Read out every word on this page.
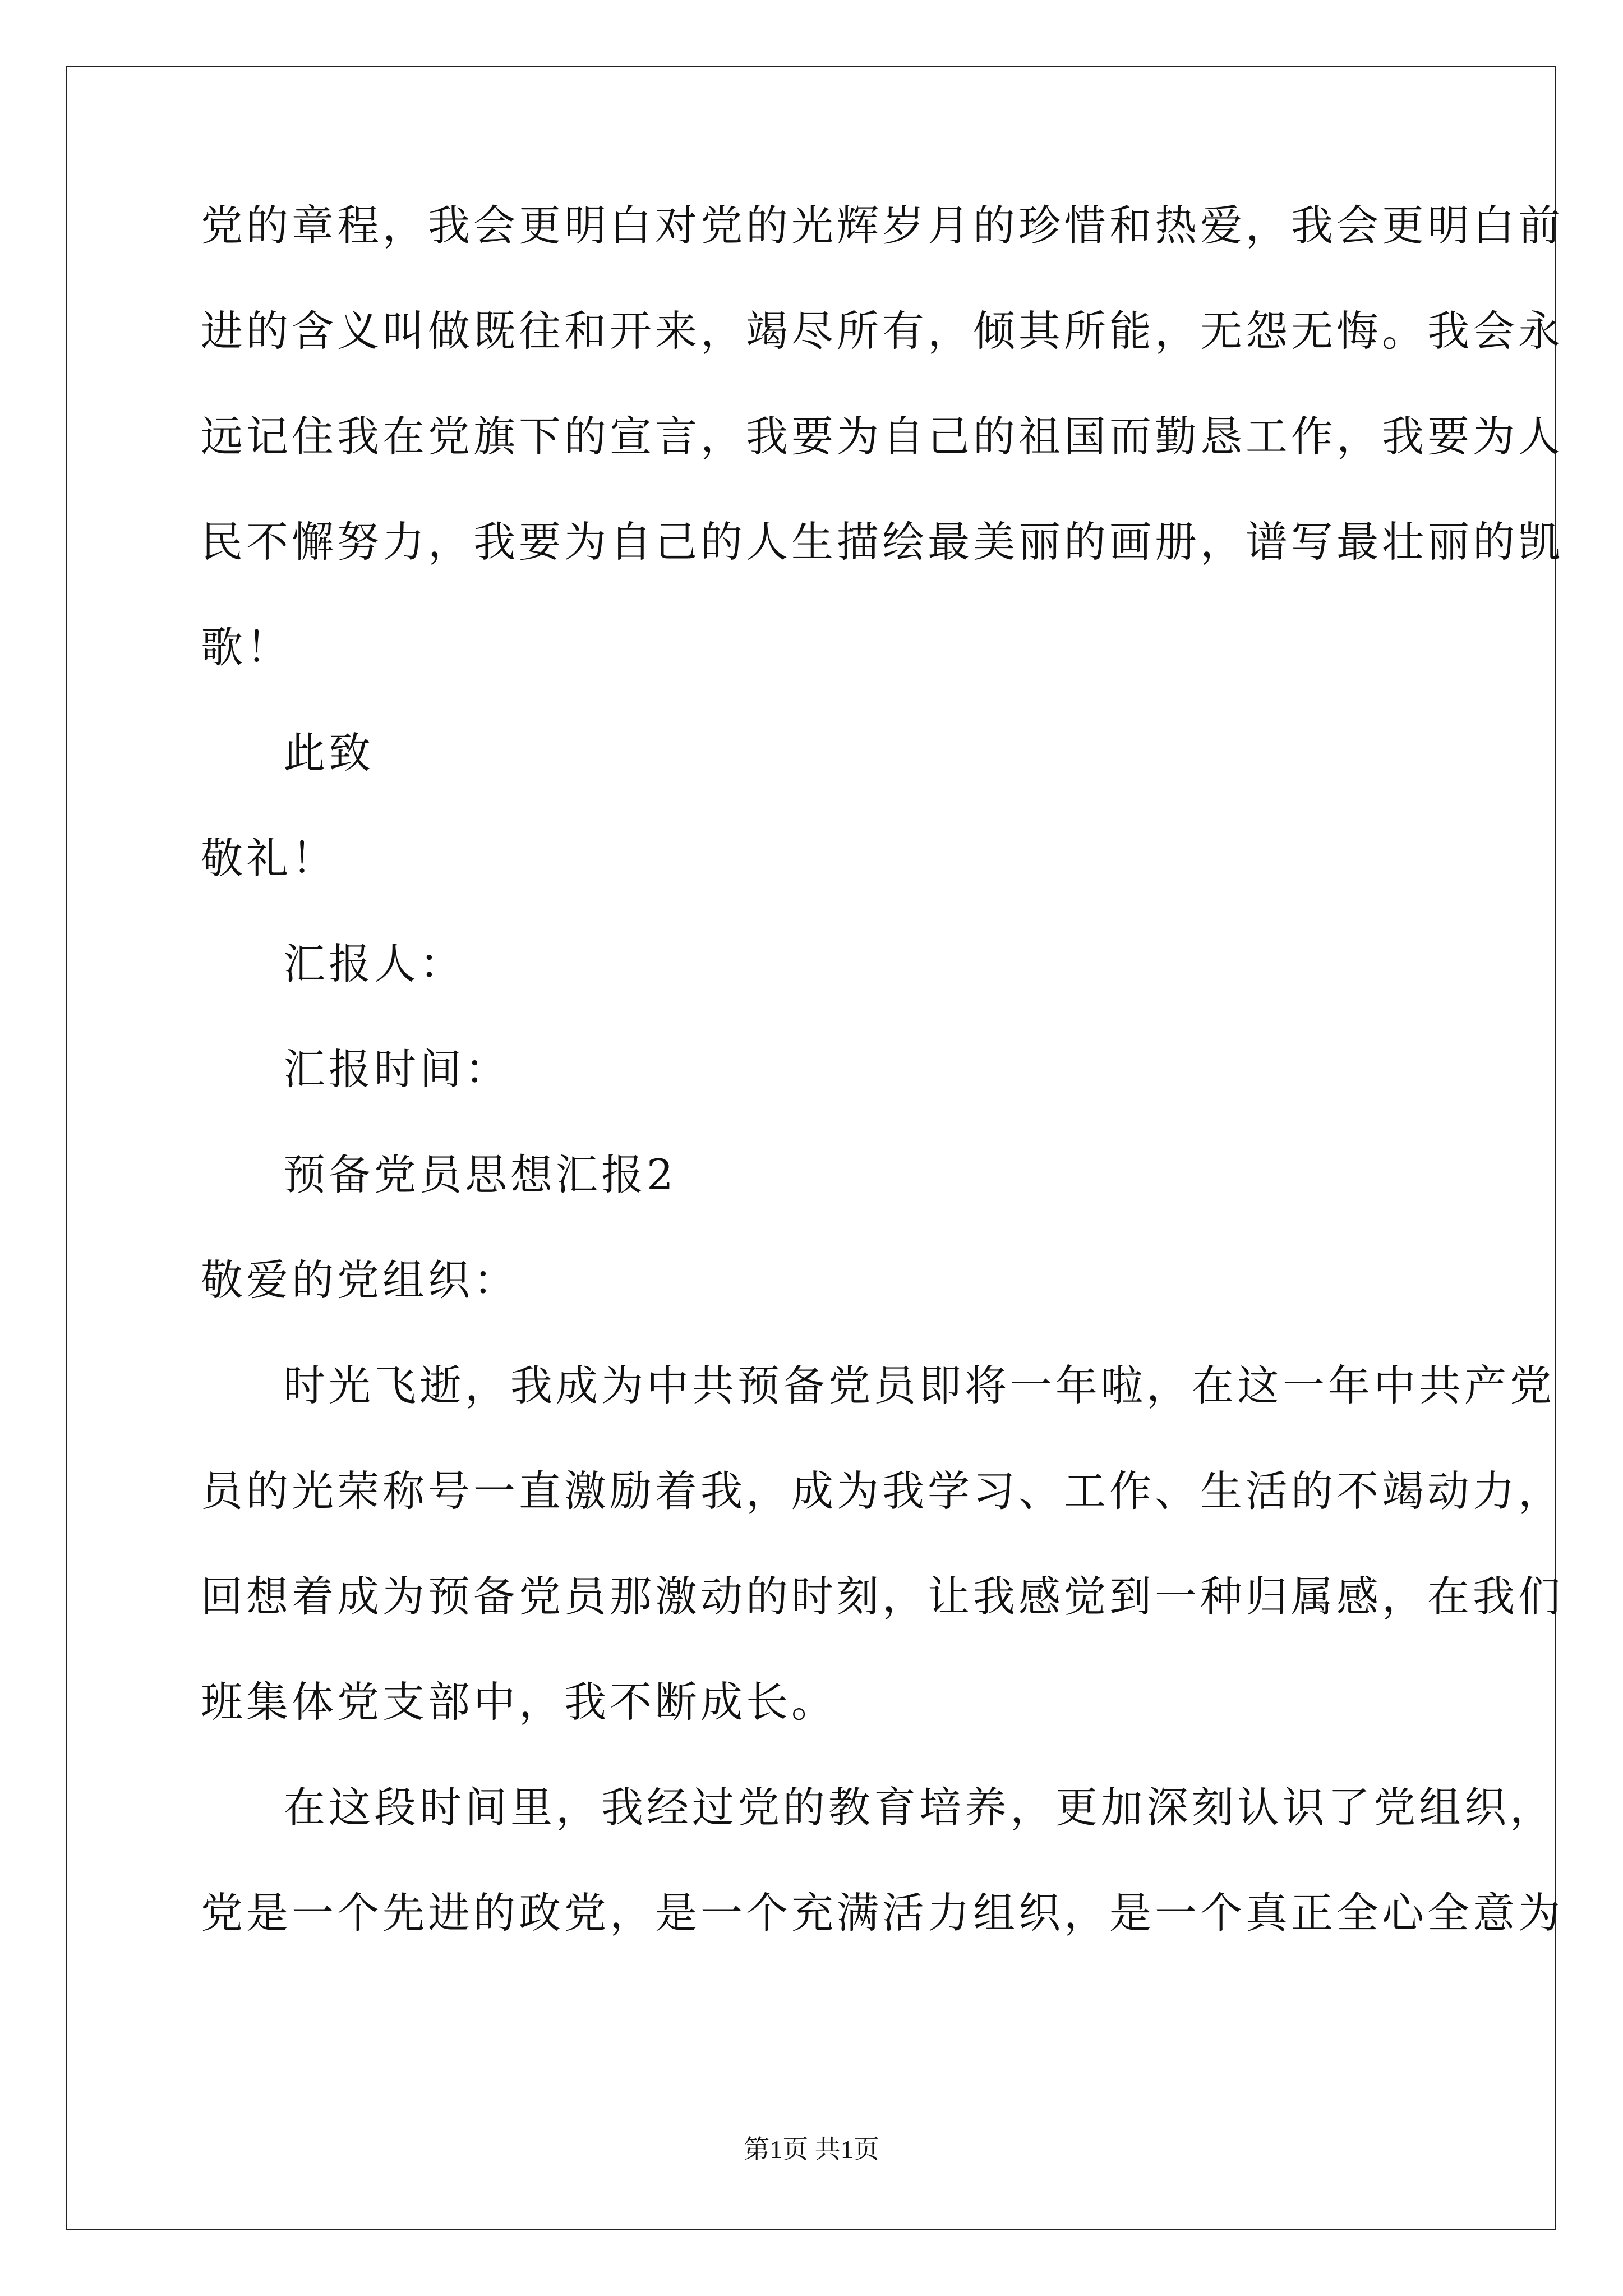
党的章程，我会更明白对党的光辉岁月的珍惜和热爱，我会更明白前
进的含义叫做既往和开来，竭尽所有，倾其所能，无怨无悔。我会永
远记住我在党旗下的宣言，我要为自己的祖国而勤恳工作，我要为人
民不懈努力，我要为自己的人生描绘最美丽的画册，谱写最壮丽的凯
歌！
此致
敬礼！
汇报人：
汇报时间：
预备党员思想汇报2
敬爱的党组织：
时光飞逝，我成为中共预备党员即将一年啦，在这一年中共产党
员的光荣称号一直激励着我，成为我学习、工作、生活的不竭动力，
回想着成为预备党员那激动的时刻，让我感觉到一种归属感，在我们
班集体党支部中，我不断成长。
在这段时间里，我经过党的教育培养，更加深刻认识了党组织，
党是一个先进的政党，是一个充满活力组织，是一个真正全心全意为
第1页 共1页
